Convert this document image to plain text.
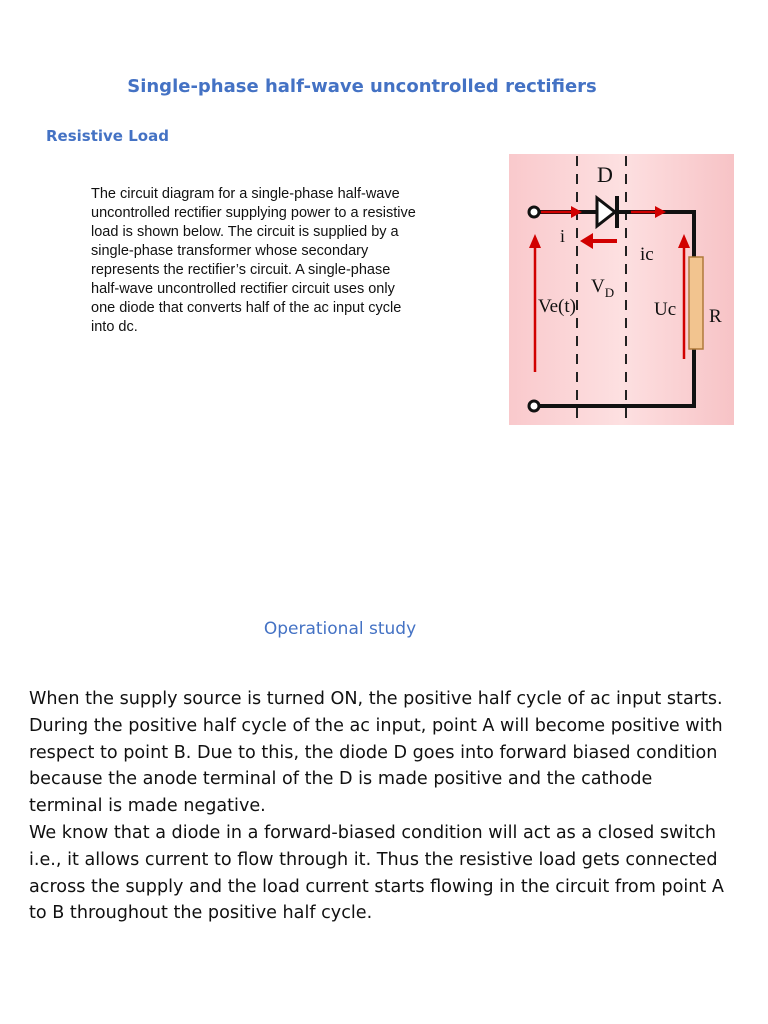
Single-phase half-wave uncontrolled rectifiers
Resistive Load
The circuit diagram for a single-phase half-wave uncontrolled rectifier supplying power to a resistive load is shown below. The circuit is supplied by a single-phase transformer whose secondary represents the rectifier’s circuit. A single-phase half-wave uncontrolled rectifier circuit uses only one diode that converts half of the ac input cycle into dc.
D
i
ic
Ve(t)
$V_D$
Uc R
Operational study

When the supply source is turned ON, the positive half cycle of ac input starts. During the positive half cycle of the ac input, point A will become positive with respect to point B. Due to this, the diode D goes into forward biased condition because the anode terminal of the D is made positive and the cathode terminal is made negative.

We know that a diode in a forward-biased condition will act as a closed switch i.e., it allows current to flow through it. Thus the resistive load gets connected across the supply and the load current starts flowing in the circuit from point A to B throughout the positive half cycle.
